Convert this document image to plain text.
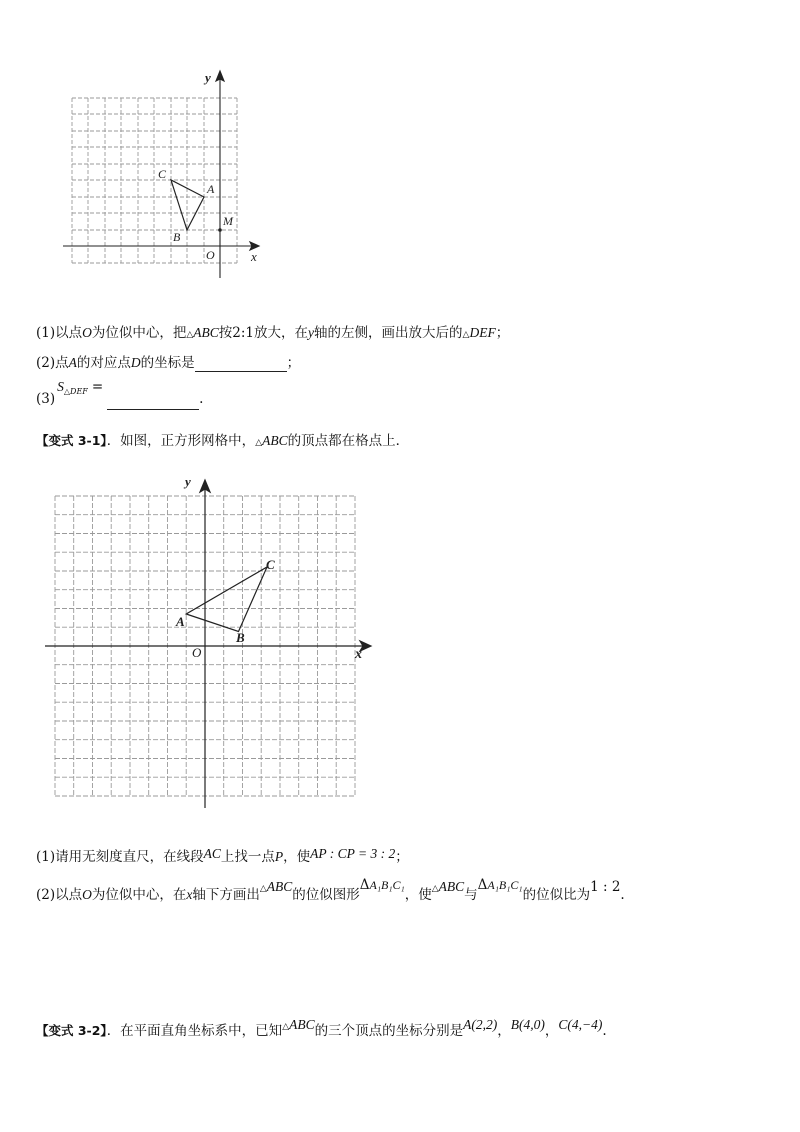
y
x
O
A
B
C
M
(1)以点O为位似中心，把△ABC按2:1放大，在y轴的左侧，画出放大后的△DEF；
(2)点A的对应点D的坐标是	；
$(3)S^{\triangle DEF}$ =.
【变式 3-1】．如图，正方形网格中，△ABC的顶点都在格点上．
y
x
O
A
B
C
(1)请用无刻度直尺，在线段AC上找一点P，使AP : CP = 3 : 2；
(2)以点O为位似中心，在x轴下方画出△ABC的位似图形ΔA₁B₁C₁，使△ABC与ΔA₁B₁C₁的位似比为1 : 2.
【变式 3-2】．在平面直角坐标系中，已知△ABC的三个顶点的坐标分别是A(2,2)，B(4,0)，C(4,−4).
